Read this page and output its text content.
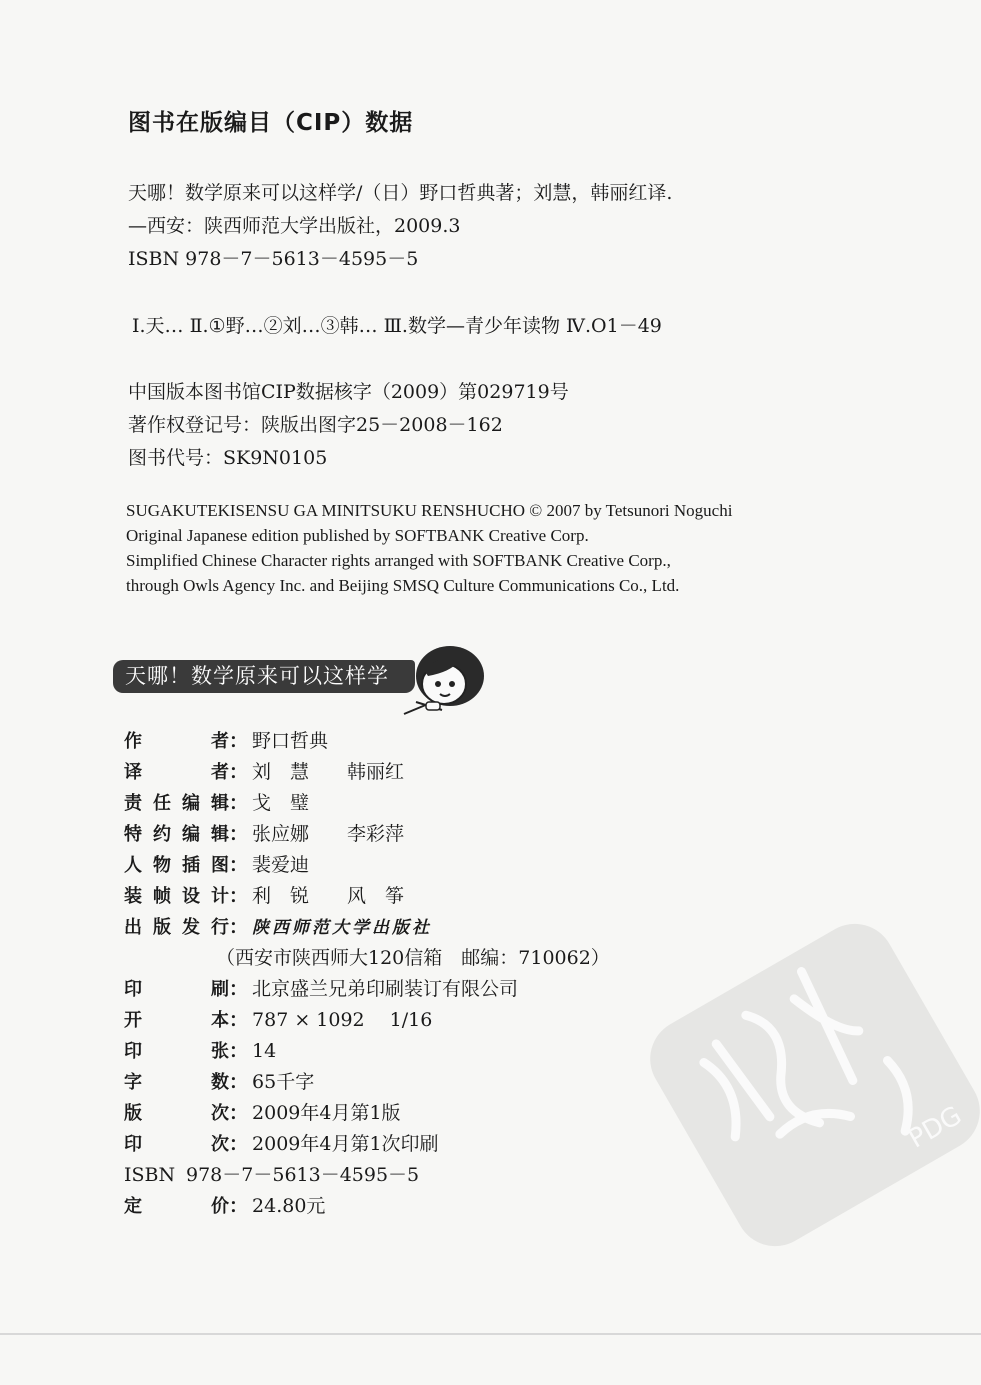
图书在版编目（CIP）数据
天哪！数学原来可以这样学/（日）野口哲典著；刘慧，韩丽红译.
—西安：陕西师范大学出版社，2009.3
ISBN 978－7－5613－4595－5
Ⅰ.天… Ⅱ.①野…②刘…③韩… Ⅲ.数学—青少年读物 Ⅳ.O1－49
中国版本图书馆CIP数据核字（2009）第029719号
著作权登记号：陕版出图字25－2008－162
图书代号：SK9N0105
SUGAKUTEKISENSU GA MINITSUKU RENSHUCHO © 2007 by Tetsunori Noguchi
Original Japanese edition published by SOFTBANK Creative Corp.
Simplified Chinese Character rights arranged with SOFTBANK Creative Corp.,
through Owls Agency Inc. and Beijing SMSQ Culture Communications Co., Ltd.
天哪！数学原来可以这样学
作者： 野口哲典
译者： 刘　慧　　韩丽红
责任编辑： 戈　璧
特约编辑： 张应娜　　李彩萍
人物插图： 裴爱迪
装帧设计： 利　锐　　风　筝
出版发行： 陕西师范大学出版社
（西安市陕西师大120信箱　邮编：710062）
印刷： 北京盛兰兄弟印刷装订有限公司
开本： 787 × 1092　 1/16
印张： 14
字数： 65千字
版次： 2009年4月第1版
印次： 2009年4月第1次印刷
ISBN 978－7－5613－4595－5
定价： 24.80元
PDG
